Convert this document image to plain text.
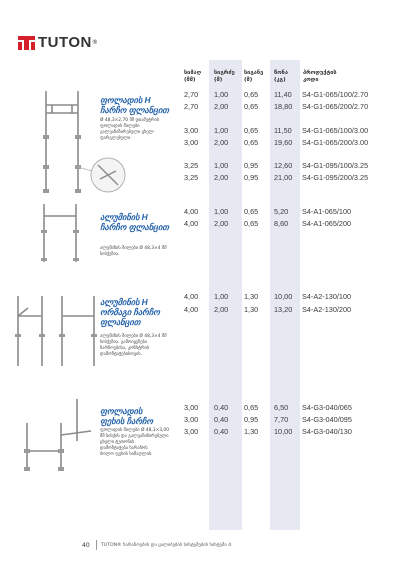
TUTON ®
სიმაღ
(მმ)
სიგრძე
(მ)
სიგანე
(მ)
წონა
(კგ)
პროდუქტის
კოდი
ფოლადის H
ჩარჩო ფლანცით
Ø 48,3×2,70 მმ დიამეტრის
ფოლადის მილები
გალვანიზირებული ცხელ-
ფარგლებული.
2,70 1,00 0,65 11,40 S4-G1-065/100/2.70
2,70 2,00 0,65 18,80 S4-G1-065/200/2.70
3,00 1,00 0,65 11,50 S4-G1-065/100/3.00
3,00 2,00 0,65 19,60 S4-G1-065/200/3.00
3,25 1,00 0,95 12,60 S4-G1-095/100/3.25
3,25 2,00 0,95 21,00 S4-G1-095/200/3.25
ალუმინის H
ჩარჩო ფლანცით
ალუმინის მილები Ø 48,3×4 მმ
სისქეზია.
4,00 1,00 0,65 5,20 S4-A1-065/100
4,00 2,00 0,65 8,60 S4-A1-065/200
ალუმინის H
ორმაგი ჩარჩო
ფლანცით
ალუმინის მილები Ø 48,3×4 მმ
სისქეზია. გამოიყენება
ჩარჩოებისა, კონსტრის
დამონტაჟებისთვის.
4,00 1,00 1,30 10,00 S4-A2-130/100
4,00 2,00 1,30 13,20 S4-A2-130/200
ფოლადის
ფეხის ჩარჩო
ფოლადის მილები Ø 48,3×3,00
მმ სისქის და გალვანიზირებული
ცხელი ტუთონის
დამონტაჟება ხარაჩოს
ბოლო ფეხის სიმაღლის.
3,00 0,40 0,65 6,50 S4-G3-040/065
3,00 0,40 0,95 7,70 S4-G3-040/095
3,00 0,40 1,30 10,00 S4-G3-040/130
40 TUTON® ხარაჩოების და ყალიბების სისტემების სისტემა 4
